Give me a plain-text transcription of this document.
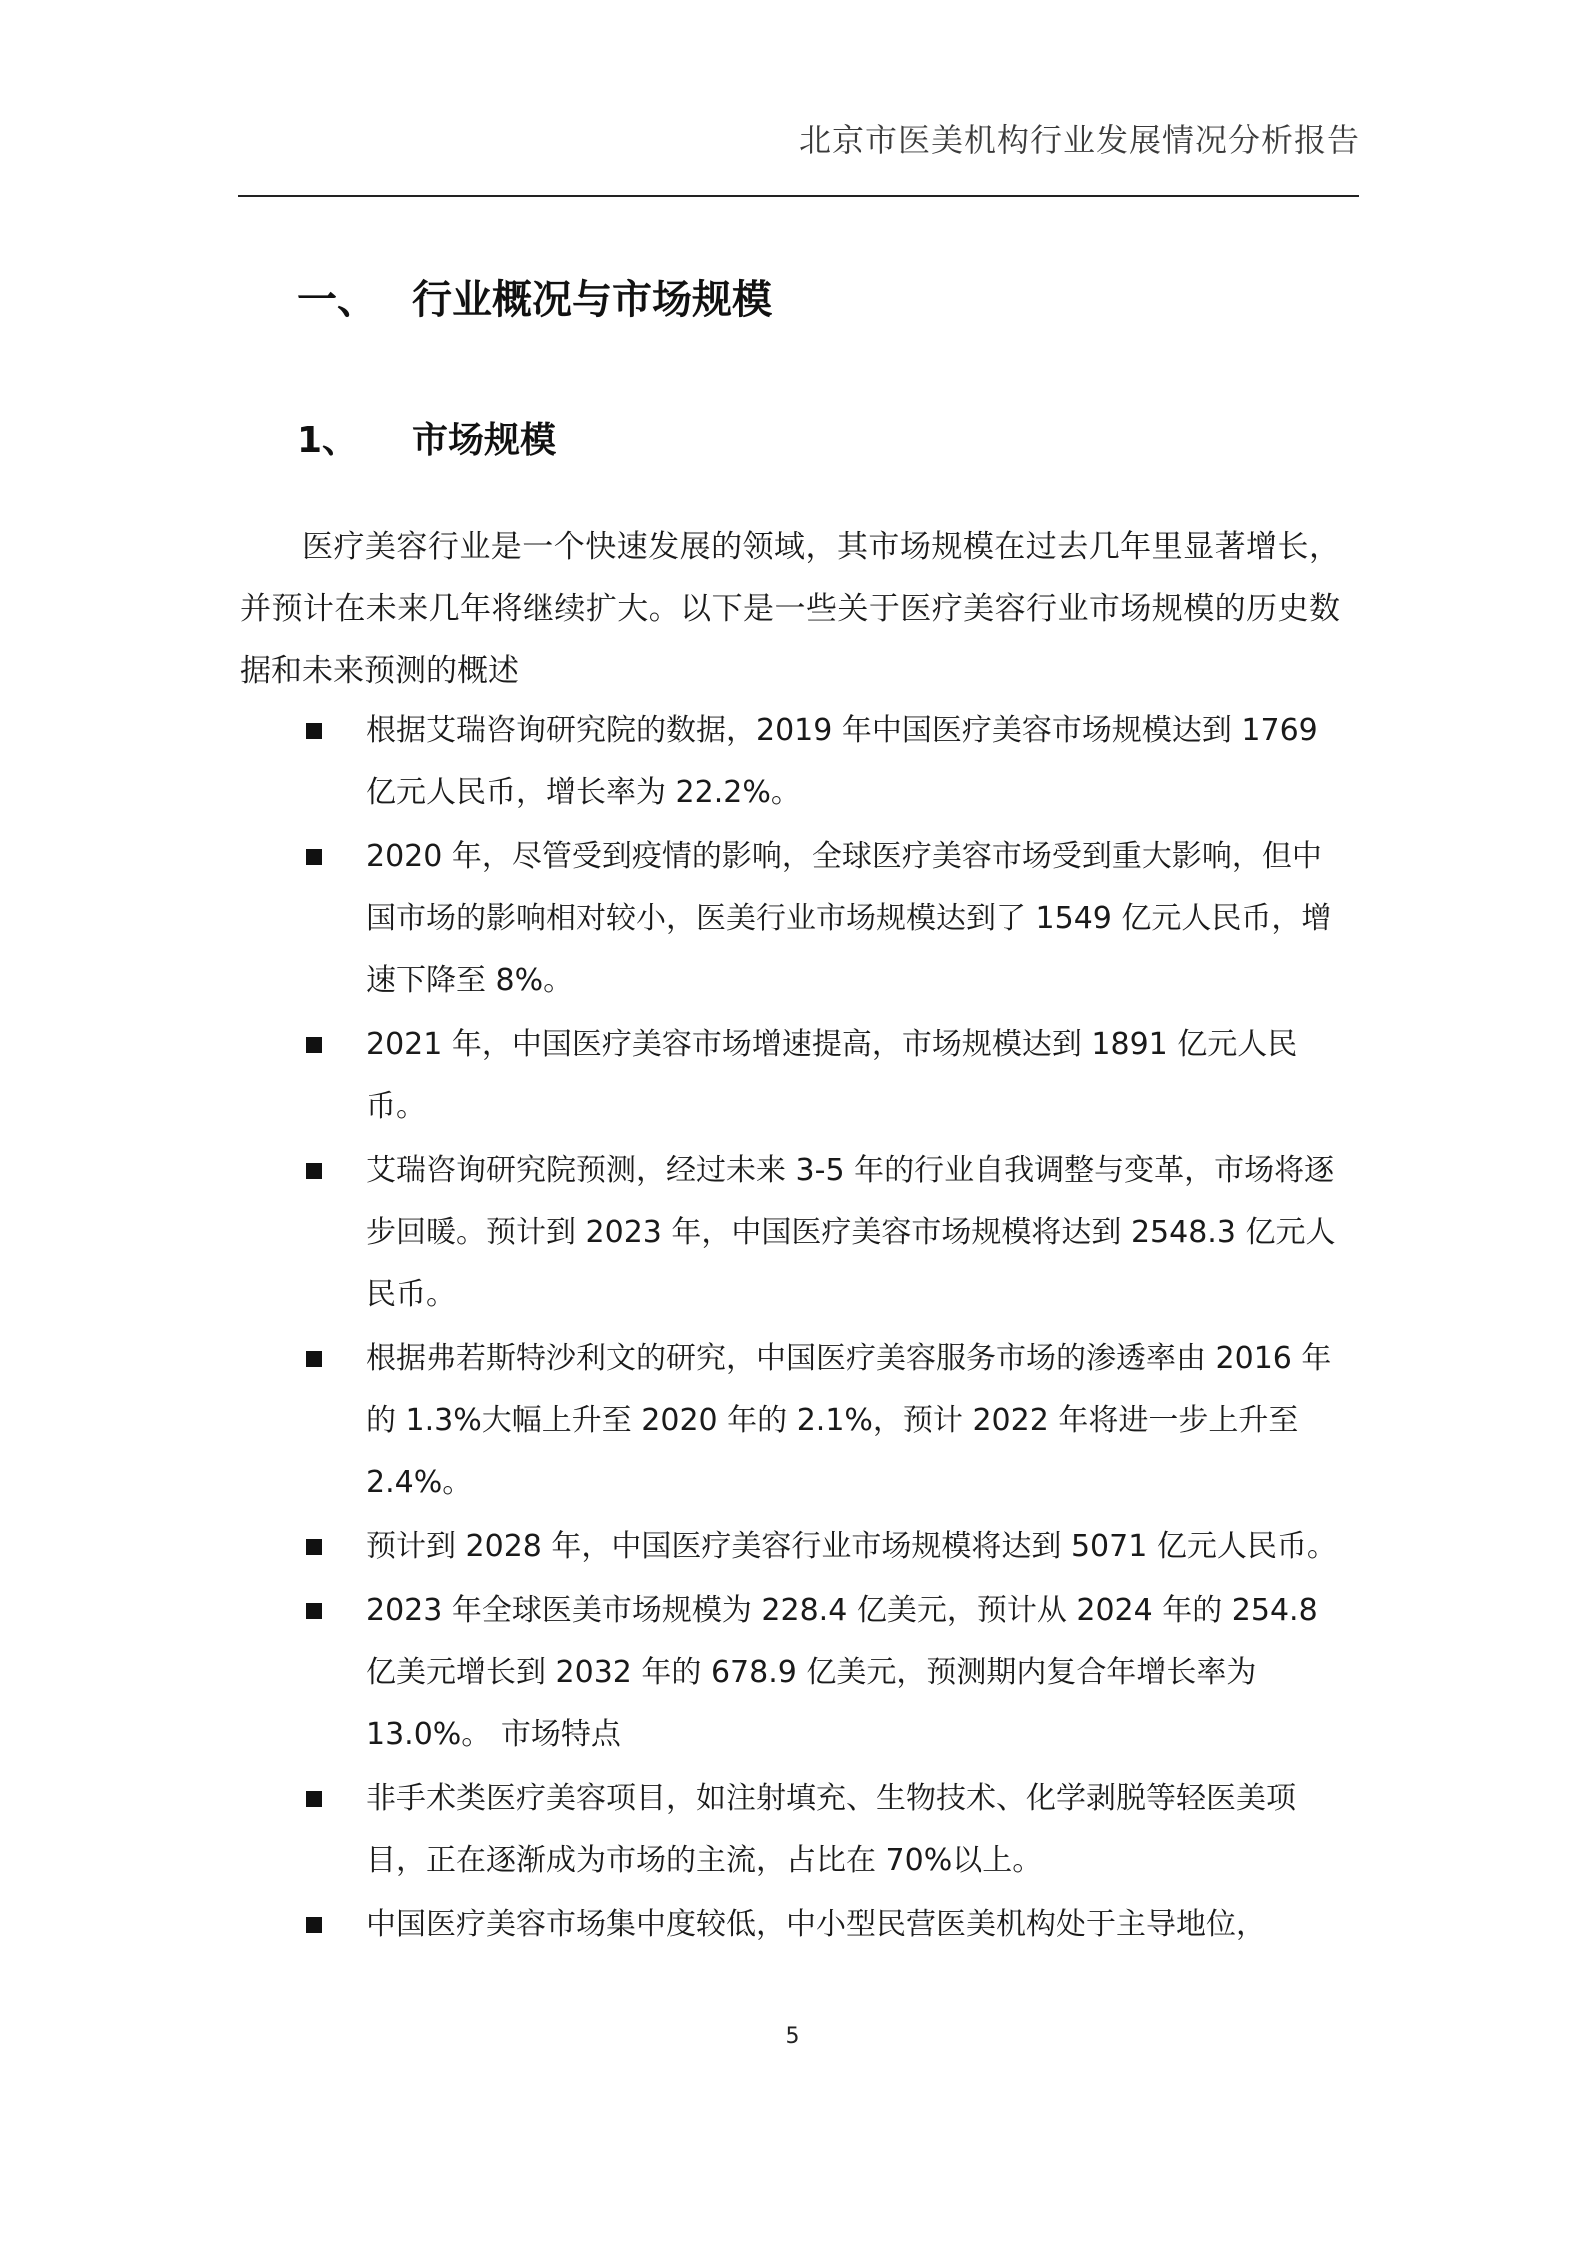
北京市医美机构行业发展情况分析报告
一、 行业概况与市场规模
1、 市场规模

医疗美容行业是一个快速发展的领域，其市场规模在过去几年里显著增长，并预计在未来几年将继续扩大。以下是一些关于医疗美容行业市场规模的历史数据和未来预测的概述

根据艾瑞咨询研究院的数据，2019 年中国医疗美容市场规模达到 1769 亿元人民币，增长率为 22.2%。
2020 年，尽管受到疫情的影响，全球医疗美容市场受到重大影响，但中国市场的影响相对较小，医美行业市场规模达到了 1549 亿元人民币，增速下降至 8%。
2021 年，中国医疗美容市场增速提高，市场规模达到 1891 亿元人民币。
艾瑞咨询研究院预测，经过未来 3-5 年的行业自我调整与变革，市场将逐步回暖。预计到 2023 年，中国医疗美容市场规模将达到 2548.3 亿元人民币。
根据弗若斯特沙利文的研究，中国医疗美容服务市场的渗透率由 2016 年的 1.3%大幅上升至 2020 年的 2.1%，预计 2022 年将进一步上升至 2.4%。
预计到 2028 年，中国医疗美容行业市场规模将达到 5071 亿元人民币。
2023 年全球医美市场规模为 228.4 亿美元，预计从 2024 年的 254.8 亿美元增长到 2032 年的 678.9 亿美元，预测期内复合年增长率为 13.0%。 市场特点
非手术类医疗美容项目，如注射填充、生物技术、化学剥脱等轻医美项目，正在逐渐成为市场的主流，占比在 70%以上。
中国医疗美容市场集中度较低，中小型民营医美机构处于主导地位，
5
